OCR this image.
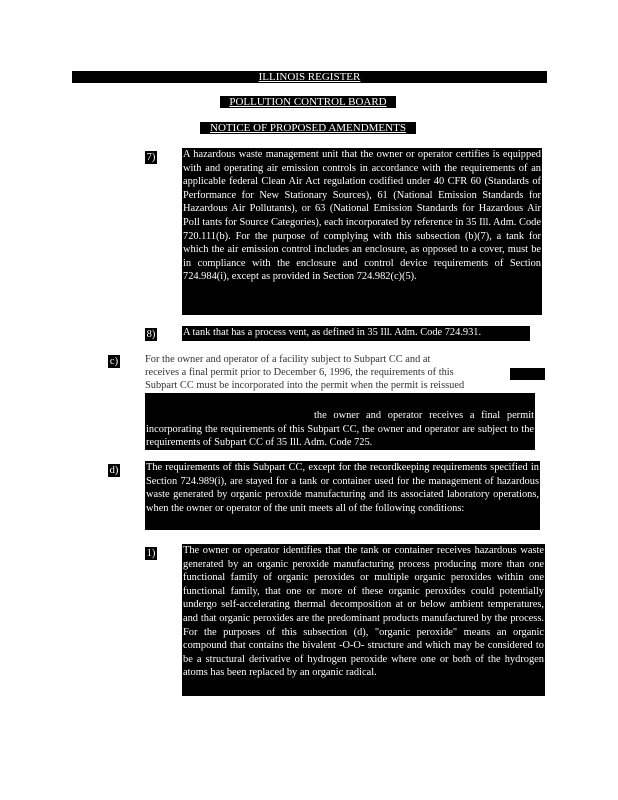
ILLINOIS REGISTER
POLLUTION CONTROL BOARD
NOTICE OF PROPOSED AMENDMENTS
7)	A hazardous waste management unit that the owner or operator certifies is equipped with and operating air emission controls in accordance with the requirements of an applicable federal Clean Air Act regulation codified under 40 CFR 60 (Standards of Performance for New Stationary Sources), 61 (National Emission Standards for Hazardous Air Pollutants), or 63 (National Emission Standards for Hazardous Air Poll tants for Source Categories), each incorporated by reference in 35 Ill. Adm. Code 720.111(b). For the purpose of complying with this subsection (b)(7), a tank for which the air emission control includes an enclosure, as opposed to a cover, must be in compliance with the enclosure and control device requirements of Section 724.984(i), except as provided in Section 724.982(c)(5).

8)	A tank that has a process vent, as defined in 35 Ill. Adm. Code 724.931.

c)	For the owner and operator of a facility subject to Subpart CC and at
receives a final permit prior to December 6, 1996, the requirements of this
Subpart CC must be incorporated into the permit when the permit is reissued

the owner and operator receives a final permit incorporating the requirements of this Subpart CC, the owner and operator are subject to the requirements of Subpart CC of 35 Ill. Adm. Code 725.

d)	The requirements of this Subpart CC, except for the recordkeeping requirements specified in Section 724.989(i), are stayed for a tank or container used for the management of hazardous waste generated by organic peroxide manufacturing and its associated laboratory operations, when the owner or operator of the unit meets all of the following conditions:

1)	The owner or operator identifies that the tank or container receives hazardous waste generated by an organic peroxide manufacturing process producing more than one functional family of organic peroxides or multiple organic peroxides within one functional family, that one or more of these organic peroxides could potentially undergo self-accelerating thermal decomposition at or below ambient temperatures, and that organic peroxides are the predominant products manufactured by the process. For the purposes of this subsection (d), "organic peroxide" means an organic compound that contains the bivalent -O-O- structure and which may be considered to be a structural derivative of hydrogen peroxide where one or both of the hydrogen atoms has been replaced by an organic radical.
